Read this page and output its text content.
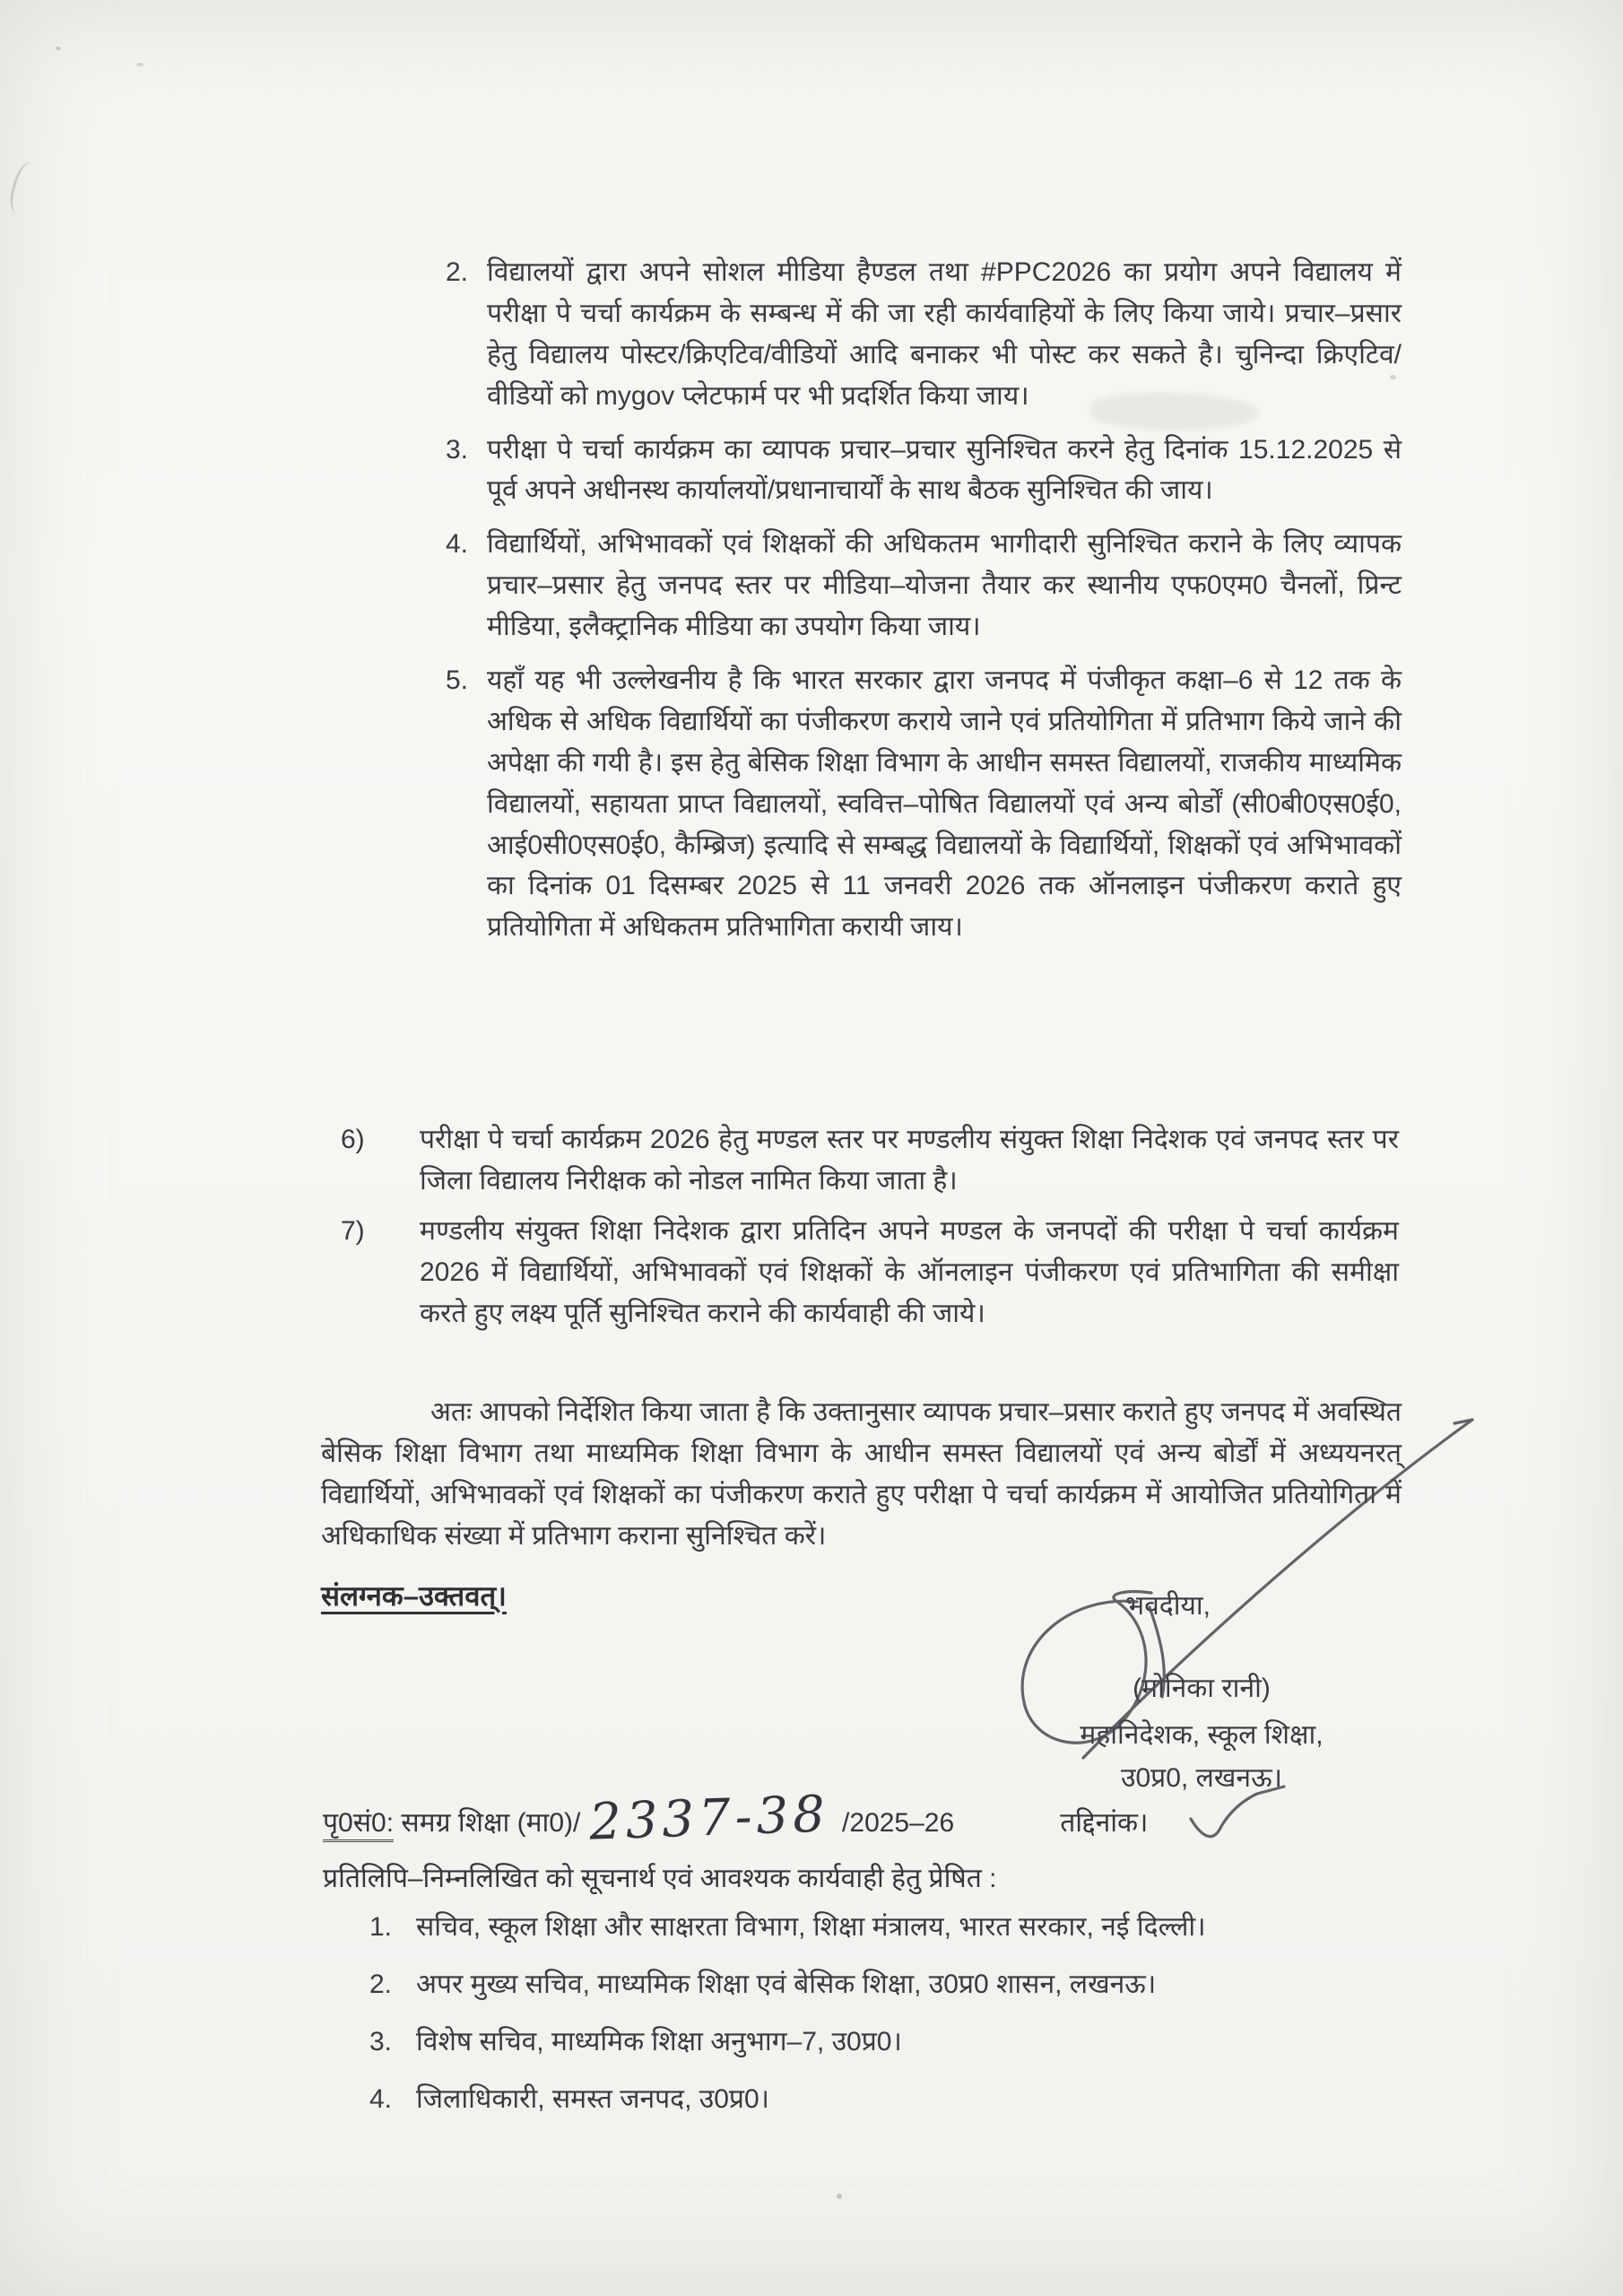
2. विद्यालयों द्वारा अपने सोशल मीडिया हैण्डल तथा #PPC2026 का प्रयोग अपने विद्यालय में परीक्षा पे चर्चा कार्यक्रम के सम्बन्ध में की जा रही कार्यवाहियों के लिए किया जाये। प्रचार–प्रसार हेतु विद्यालय पोस्टर/क्रिएटिव/वीडियों आदि बनाकर भी पोस्ट कर सकते है। चुनिन्दा क्रिएटिव/वीडियों को mygov प्लेटफार्म पर भी प्रदर्शित किया जाय।
3. परीक्षा पे चर्चा कार्यक्रम का व्यापक प्रचार–प्रचार सुनिश्चित करने हेतु दिनांक 15.12.2025 से पूर्व अपने अधीनस्थ कार्यालयों/प्रधानाचार्यों के साथ बैठक सुनिश्चित की जाय।
4. विद्यार्थियों, अभिभावकों एवं शिक्षकों की अधिकतम भागीदारी सुनिश्चित कराने के लिए व्यापक प्रचार–प्रसार हेतु जनपद स्तर पर मीडिया–योजना तैयार कर स्थानीय एफ0एम0 चैनलों, प्रिन्ट मीडिया, इलैक्ट्रानिक मीडिया का उपयोग किया जाय।
5. यहाँ यह भी उल्लेखनीय है कि भारत सरकार द्वारा जनपद में पंजीकृत कक्षा–6 से 12 तक के अधिक से अधिक विद्यार्थियों का पंजीकरण कराये जाने एवं प्रतियोगिता में प्रतिभाग किये जाने की अपेक्षा की गयी है। इस हेतु बेसिक शिक्षा विभाग के आधीन समस्त विद्यालयों, राजकीय माध्यमिक विद्यालयों, सहायता प्राप्त विद्यालयों, स्ववित्त–पोषित विद्यालयों एवं अन्य बोर्डों (सी0बी0एस0ई0, आई0सी0एस0ई0, कैम्ब्रिज) इत्यादि से सम्बद्ध विद्यालयों के विद्यार्थियों, शिक्षकों एवं अभिभावकों का दिनांक 01 दिसम्बर 2025 से 11 जनवरी 2026 तक ऑनलाइन पंजीकरण कराते हुए प्रतियोगिता में अधिकतम प्रतिभागिता करायी जाय।
6)	परीक्षा पे चर्चा कार्यक्रम 2026 हेतु मण्डल स्तर पर मण्डलीय संयुक्त शिक्षा निदेशक एवं जनपद स्तर पर जिला विद्यालय निरीक्षक को नोडल नामित किया जाता है।
7)	मण्डलीय संयुक्त शिक्षा निदेशक द्वारा प्रतिदिन अपने मण्डल के जनपदों की परीक्षा पे चर्चा कार्यक्रम 2026 में विद्यार्थियों, अभिभावकों एवं शिक्षकों के ऑनलाइन पंजीकरण एवं प्रतिभागिता की समीक्षा करते हुए लक्ष्य पूर्ति सुनिश्चित कराने की कार्यवाही की जाये।
अतः आपको निर्देशित किया जाता है कि उक्तानुसार व्यापक प्रचार–प्रसार कराते हुए जनपद में अवस्थित बेसिक शिक्षा विभाग तथा माध्यमिक शिक्षा विभाग के आधीन समस्त विद्यालयों एवं अन्य बोर्डों में अध्ययनरत् विद्यार्थियों, अभिभावकों एवं शिक्षकों का पंजीकरण कराते हुए परीक्षा पे चर्चा कार्यक्रम में आयोजित प्रतियोगिता में अधिकाधिक संख्या में प्रतिभाग कराना सुनिश्चित करें।
संलग्नक–उक्तवत्।	भवदीया,
(मोनिका रानी)
महानिदेशक, स्कूल शिक्षा,
उ0प्र0, लखनऊ।
पृ0सं0: समग्र शिक्षा (मा0)/ 2337-38 /2025–26	तद्दिनांक।
प्रतिलिपि–निम्नलिखित को सूचनार्थ एवं आवश्यक कार्यवाही हेतु प्रेषित :
1. सचिव, स्कूल शिक्षा और साक्षरता विभाग, शिक्षा मंत्रालय, भारत सरकार, नई दिल्ली।
2. अपर मुख्य सचिव, माध्यमिक शिक्षा एवं बेसिक शिक्षा, उ0प्र0 शासन, लखनऊ।
3. विशेष सचिव, माध्यमिक शिक्षा अनुभाग–7, उ0प्र0।
4. जिलाधिकारी, समस्त जनपद, उ0प्र0।
